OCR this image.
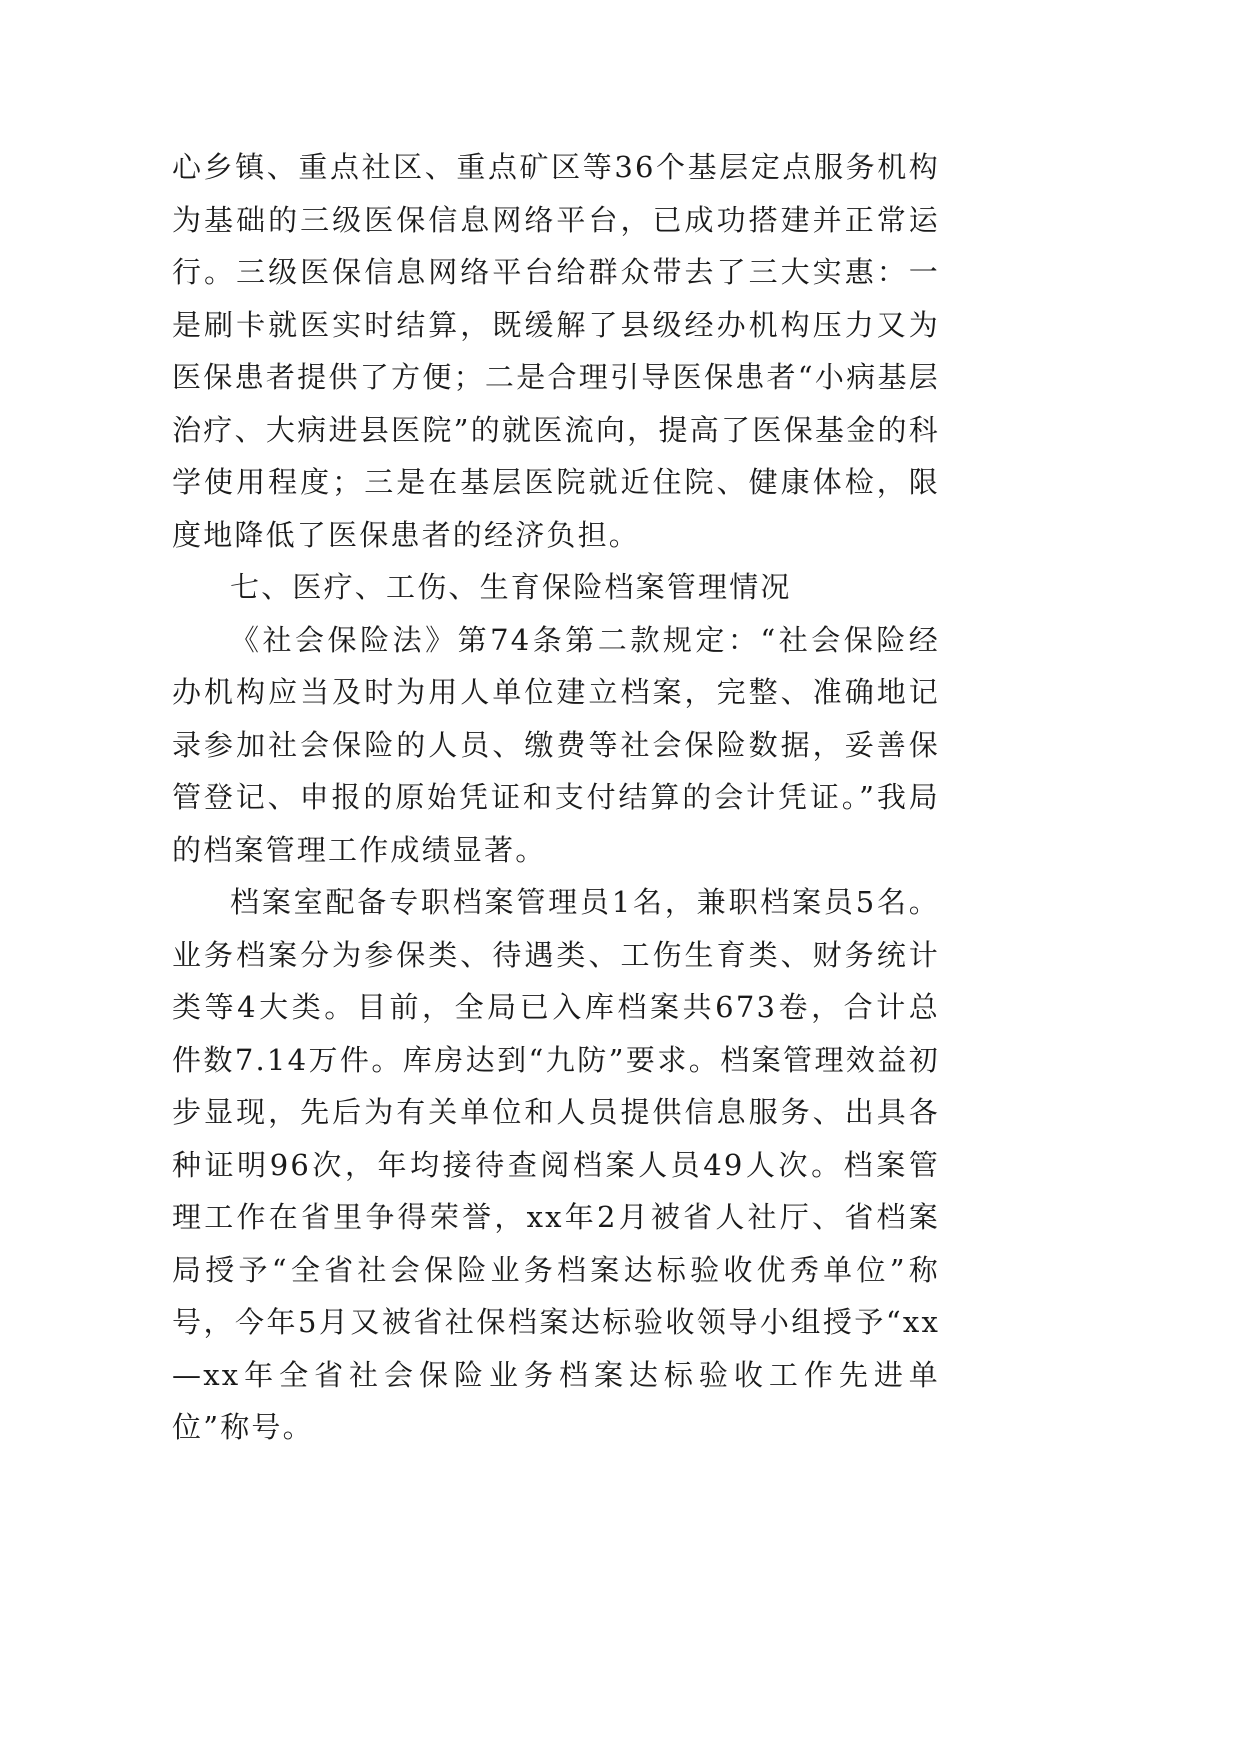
心乡镇、重点社区、重点矿区等36个基层定点服务机构为基础的三级医保信息网络平台，已成功搭建并正常运行。三级医保信息网络平台给群众带去了三大实惠：一是刷卡就医实时结算，既缓解了县级经办机构压力又为医保患者提供了方便；二是合理引导医保患者“小病基层治疗、大病进县医院”的就医流向，提高了医保基金的科学使用程度；三是在基层医院就近住院、健康体检，限度地降低了医保患者的经济负担。

七、医疗、工伤、生育保险档案管理情况

《社会保险法》第74条第二款规定：“社会保险经办机构应当及时为用人单位建立档案，完整、准确地记录参加社会保险的人员、缴费等社会保险数据，妥善保管登记、申报的原始凭证和支付结算的会计凭证。”我局的档案管理工作成绩显著。

档案室配备专职档案管理员1名，兼职档案员5名。业务档案分为参保类、待遇类、工伤生育类、财务统计类等4大类。目前，全局已入库档案共673卷，合计总件数7.14万件。库房达到“九防”要求。档案管理效益初步显现，先后为有关单位和人员提供信息服务、出具各种证明96次，年均接待查阅档案人员49人次。档案管理工作在省里争得荣誉，xx年2月被省人社厅、省档案局授予“全省社会保险业务档案达标验收优秀单位”称号，今年5月又被省社保档案达标验收领导小组授予“xx—xx年全省社会保险业务档案达标验收工作先进单位”称号。
